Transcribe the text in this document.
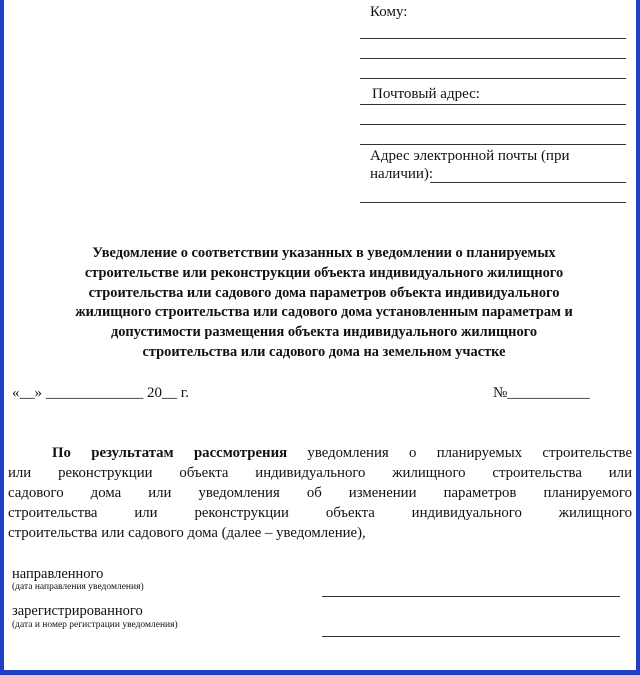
Кому:
Почтовый адрес:
Адрес электронной почты (при
наличии):
Уведомление о соответствии указанных в уведомлении о планируемых
строительстве или реконструкции объекта индивидуального жилищного
строительства или садового дома параметров объекта индивидуального
жилищного строительства или садового дома установленным параметрам и
допустимости размещения объекта индивидуального жилищного
строительства или садового дома на земельном участке
«__» _____________ 20__ г.	№___________
По результатам рассмотрения уведомления о планируемых строительстве
или реконструкции объекта индивидуального жилищного строительства или
садового дома или уведомления об изменении параметров планируемого
строительства или реконструкции объекта индивидуального жилищного
строительства или садового дома (далее – уведомление),
направленного
(дата направления уведомления)
зарегистрированного
(дата и номер регистрации уведомления)
